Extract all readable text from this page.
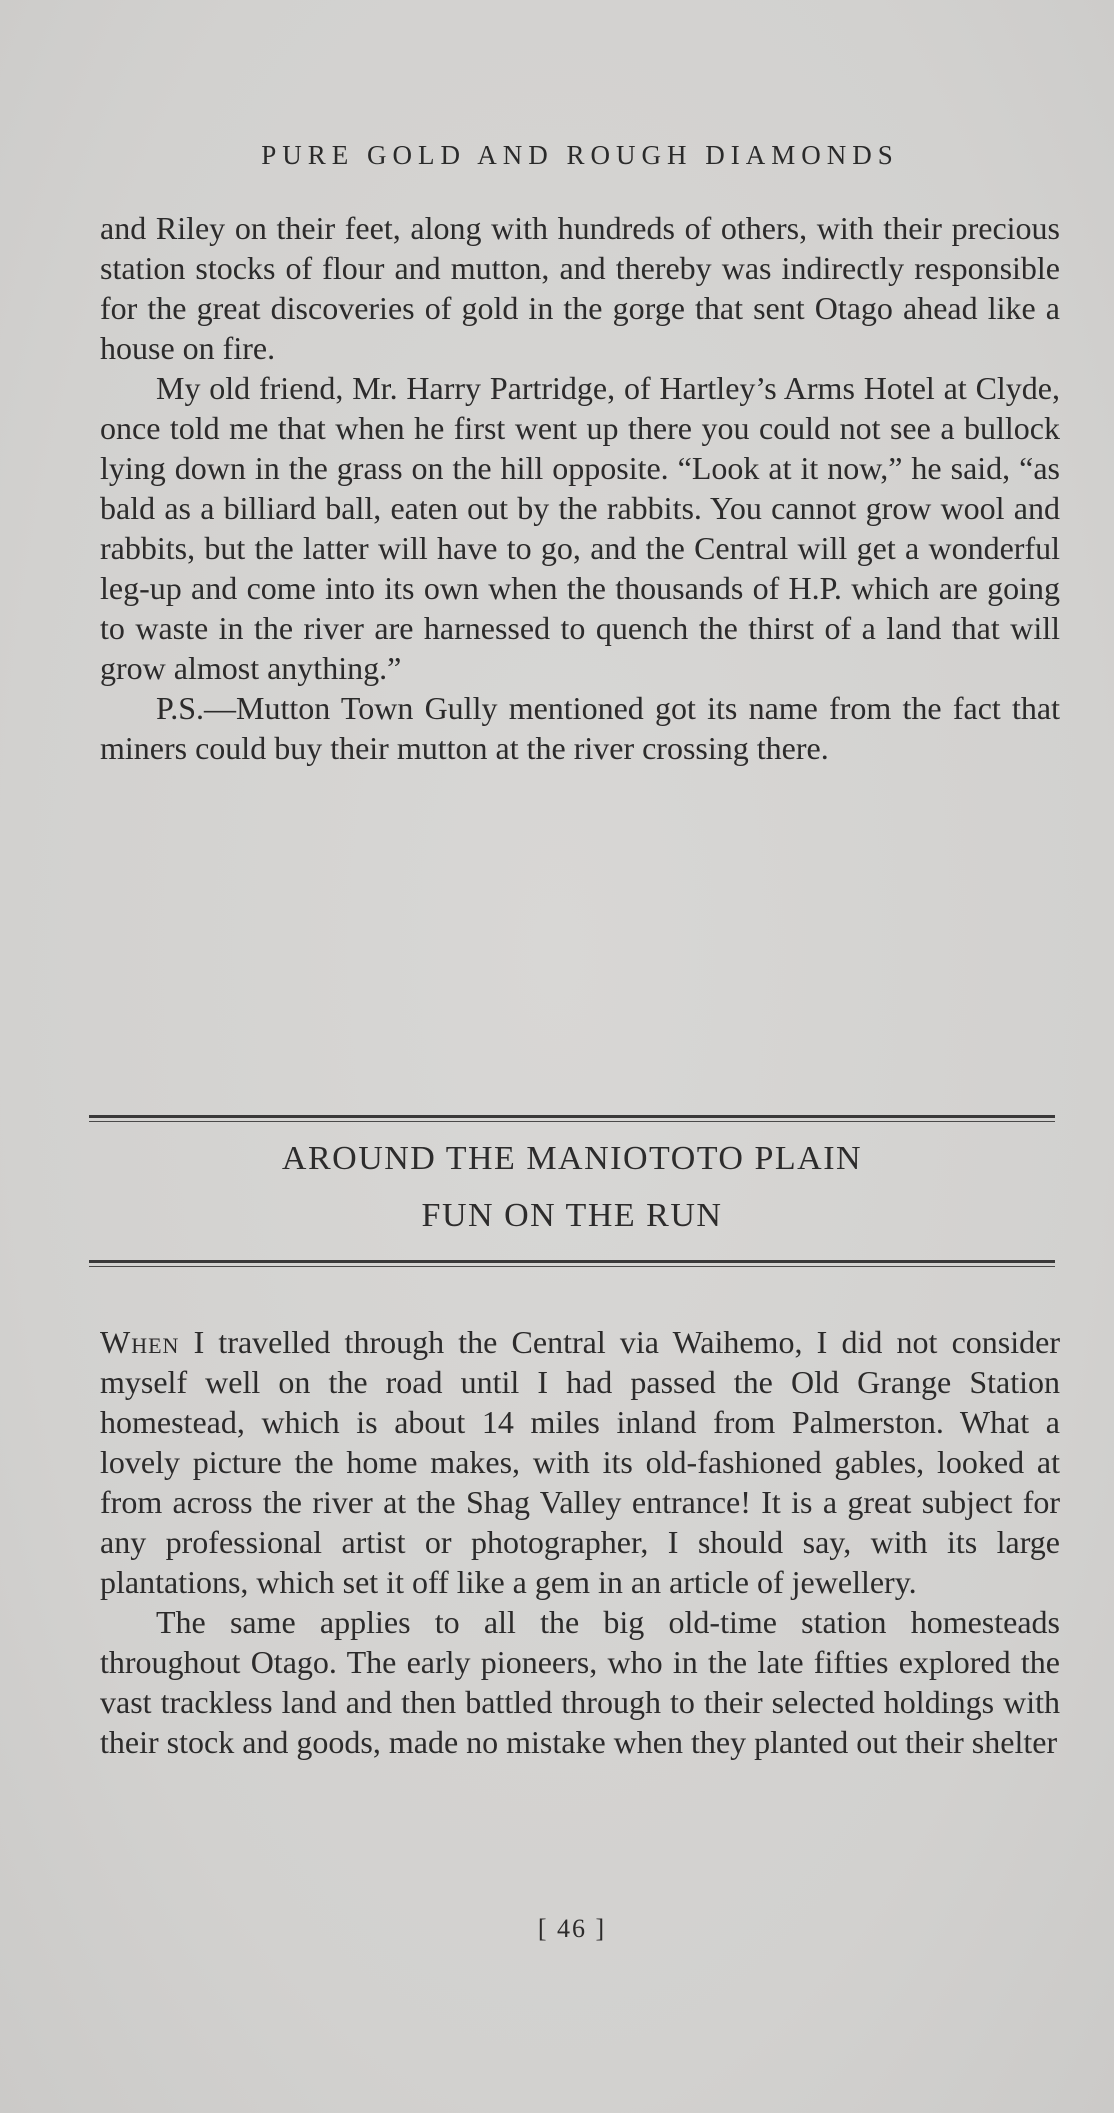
PURE GOLD AND ROUGH DIAMONDS

and Riley on their feet, along with hundreds of others, with their precious station stocks of flour and mutton, and thereby was indirectly responsible for the great discoveries of gold in the gorge that sent Otago ahead like a house on fire.

My old friend, Mr. Harry Partridge, of Hartley’s Arms Hotel at Clyde, once told me that when he first went up there you could not see a bullock lying down in the grass on the hill opposite. “Look at it now,” he said, “as bald as a billiard ball, eaten out by the rabbits. You cannot grow wool and rabbits, but the latter will have to go, and the Central will get a wonderful leg-up and come into its own when the thousands of H.P. which are going to waste in the river are harnessed to quench the thirst of a land that will grow almost anything.”

P.S.—Mutton Town Gully mentioned got its name from the fact that miners could buy their mutton at the river crossing there.

AROUND THE MANIOTOTO PLAIN
FUN ON THE RUN

When I travelled through the Central via Waihemo, I did not consider myself well on the road until I had passed the Old Grange Station homestead, which is about 14 miles inland from Palmerston. What a lovely picture the home makes, with its old-fashioned gables, looked at from across the river at the Shag Valley entrance! It is a great subject for any professional artist or photographer, I should say, with its large plantations, which set it off like a gem in an article of jewellery.

The same applies to all the big old-time station homesteads throughout Otago. The early pioneers, who in the late fifties explored the vast trackless land and then battled through to their selected holdings with their stock and goods, made no mistake when they planted out their shelter

[ 46 ]
